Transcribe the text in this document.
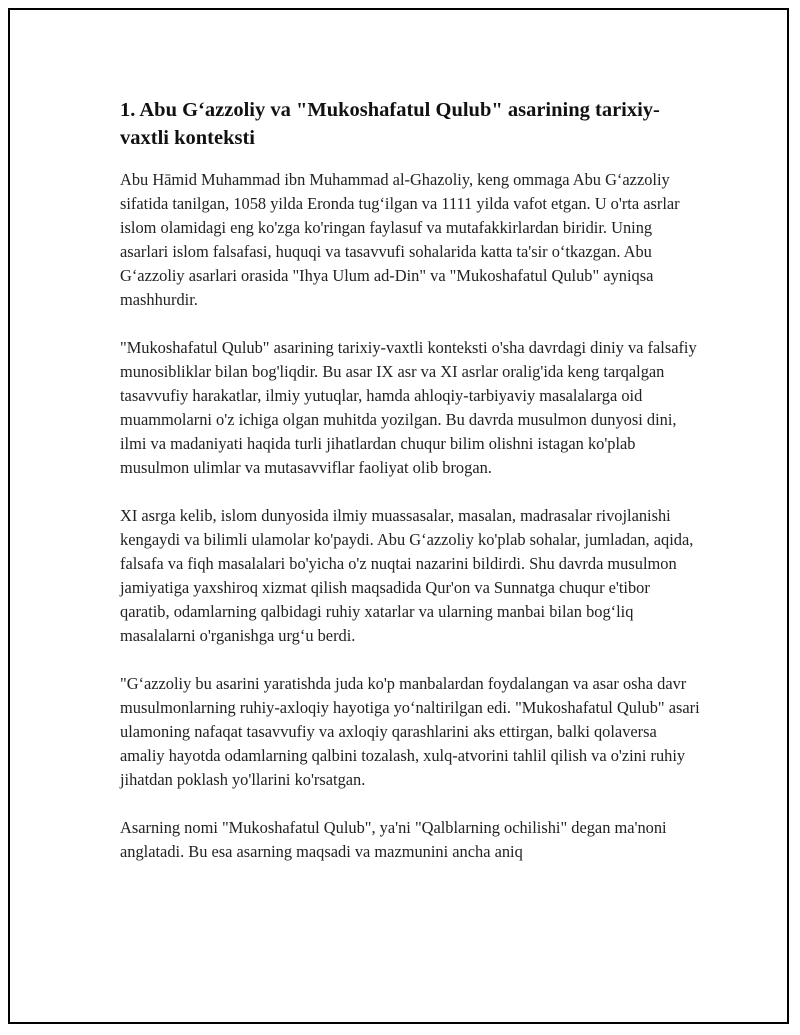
1. Abu G‘azzoliy va "Mukoshafatul Qulub" asarining tarixiy-vaxtli konteksti

Abu Hāmid Muhammad ibn Muhammad al-Ghazoliy, keng ommaga Abu G‘azzoliy sifatida tanilgan, 1058 yilda Eronda tug‘ilgan va 1111 yilda vafot etgan. U o'rta asrlar islom olamidagi eng ko'zga ko'ringan faylasuf va mutafakkirlardan biridir. Uning asarlari islom falsafasi, huquqi va tasavvufi sohalarida katta ta'sir o‘tkazgan. Abu G‘azzoliy asarlari orasida "Ihya Ulum ad-Din" va "Mukoshafatul Qulub" ayniqsa mashhurdir.

"Mukoshafatul Qulub" asarining tarixiy-vaxtli konteksti o'sha davrdagi diniy va falsafiy munosibliklar bilan bog'liqdir. Bu asar IX asr va XI asrlar oralig'ida keng tarqalgan tasavvufiy harakatlar, ilmiy yutuqlar, hamda ahloqiy-tarbiyaviy masalalarga oid muammolarni o'z ichiga olgan muhitda yozilgan. Bu davrda musulmon dunyosi dini, ilmi va madaniyati haqida turli jihatlardan chuqur bilim olishni istagan ko'plab musulmon ulimlar va mutasavviflar faoliyat olib brogan.

XI asrga kelib, islom dunyosida ilmiy muassasalar, masalan, madrasalar rivojlanishi kengaydi va bilimli ulamolar ko'paydi. Abu G‘azzoliy ko'plab sohalar, jumladan, aqida, falsafa va fiqh masalalari bo'yicha o'z nuqtai nazarini bildirdi. Shu davrda musulmon jamiyatiga yaxshiroq xizmat qilish maqsadida Qur'on va Sunnatga chuqur e'tibor qaratib, odamlarning qalbidagi ruhiy xatarlar va ularning manbai bilan bog‘liq masalalarni o'rganishga urg‘u berdi.

"G‘azzoliy bu asarini yaratishda juda ko'p manbalardan foydalangan va asar osha davr musulmonlarning ruhiy-axloqiy hayotiga yo‘naltirilgan edi. "Mukoshafatul Qulub" asari ulamoning nafaqat tasavvufiy va axloqiy qarashlarini aks ettirgan, balki qolaversa amaliy hayotda odamlarning qalbini tozalash, xulq-atvorini tahlil qilish va o'zini ruhiy jihatdan poklash yo'llarini ko'rsatgan.

Asarning nomi "Mukoshafatul Qulub", ya'ni "Qalblarning ochilishi" degan ma'noni anglatadi. Bu esa asarning maqsadi va mazmunini ancha aniq
